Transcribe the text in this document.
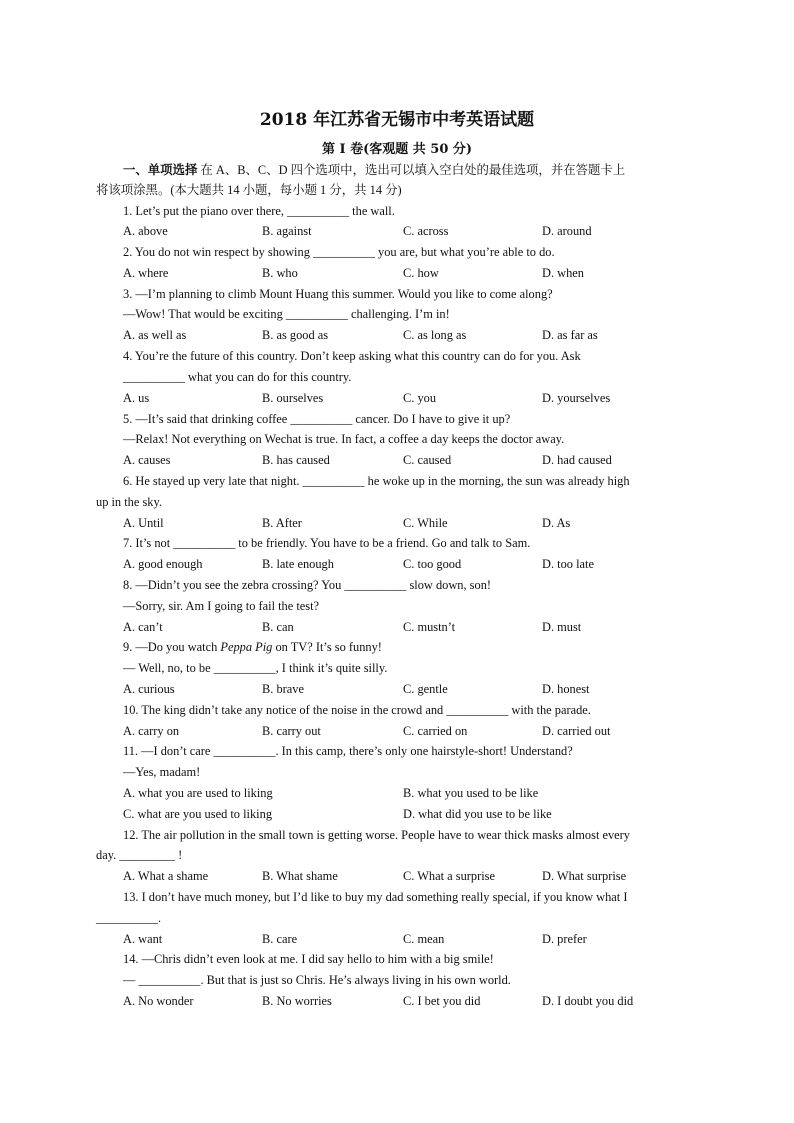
2018 年江苏省无锡市中考英语试题
第 I 卷(客观题 共 50 分)
一、单项选择 在 A、B、C、D 四个选项中，选出可以填入空白处的最佳选项，并在答题卡上
将该项涂黑。(本大题共 14 小题，每小题 1 分，共 14 分)
1. Let’s put the piano over there, __________ the wall.
A. above	B. against	C. across	D. around
2. You do not win respect by showing __________ you are, but what you’re able to do.
A. where	B. who	C. how	D. when
3. —I’m planning to climb Mount Huang this summer. Would you like to come along?
—Wow! That would be exciting __________ challenging. I’m in!
A. as well as	B. as good as	C. as long as	D. as far as
4. You’re the future of this country. Don’t keep asking what this country can do for you. Ask
__________ what you can do for this country.
A. us	B. ourselves	C. you	D. yourselves
5. —It’s said that drinking coffee __________ cancer. Do I have to give it up?
—Relax! Not everything on Wechat is true. In fact, a coffee a day keeps the doctor away.
A. causes	B. has caused	C. caused	D. had caused
6. He stayed up very late that night. __________ he woke up in the morning, the sun was already high
up in the sky.
A. Until	B. After	C. While	D. As
7. It’s not __________ to be friendly. You have to be a friend. Go and talk to Sam.
A. good enough	B. late enough	C. too good	D. too late
8. —Didn’t you see the zebra crossing? You __________ slow down, son!
—Sorry, sir. Am I going to fail the test?
A. can’t	B. can	C. mustn’t	D. must
9. —Do you watch Peppa Pig on TV? It’s so funny!
— Well, no, to be __________, I think it’s quite silly.
A. curious	B. brave	C. gentle	D. honest
10. The king didn’t take any notice of the noise in the crowd and __________ with the parade.
A. carry on	B. carry out	C. carried on	D. carried out
11. —I don’t care __________. In this camp, there’s only one hairstyle-short! Understand?
—Yes, madam!
A. what you are used to liking	B. what you used to be like
C. what are you used to liking	D. what did you use to be like
12. The air pollution in the small town is getting worse. People have to wear thick masks almost every
day. _________ !
A. What a shame	B. What shame	C. What a surprise	D. What surprise
13. I don’t have much money, but I’d like to buy my dad something really special, if you know what I
__________.
A. want	B. care	C. mean	D. prefer
14. —Chris didn’t even look at me. I did say hello to him with a big smile!
— __________. But that is just so Chris. He’s always living in his own world.
A. No wonder	B. No worries	C. I bet you did	D. I doubt you did
